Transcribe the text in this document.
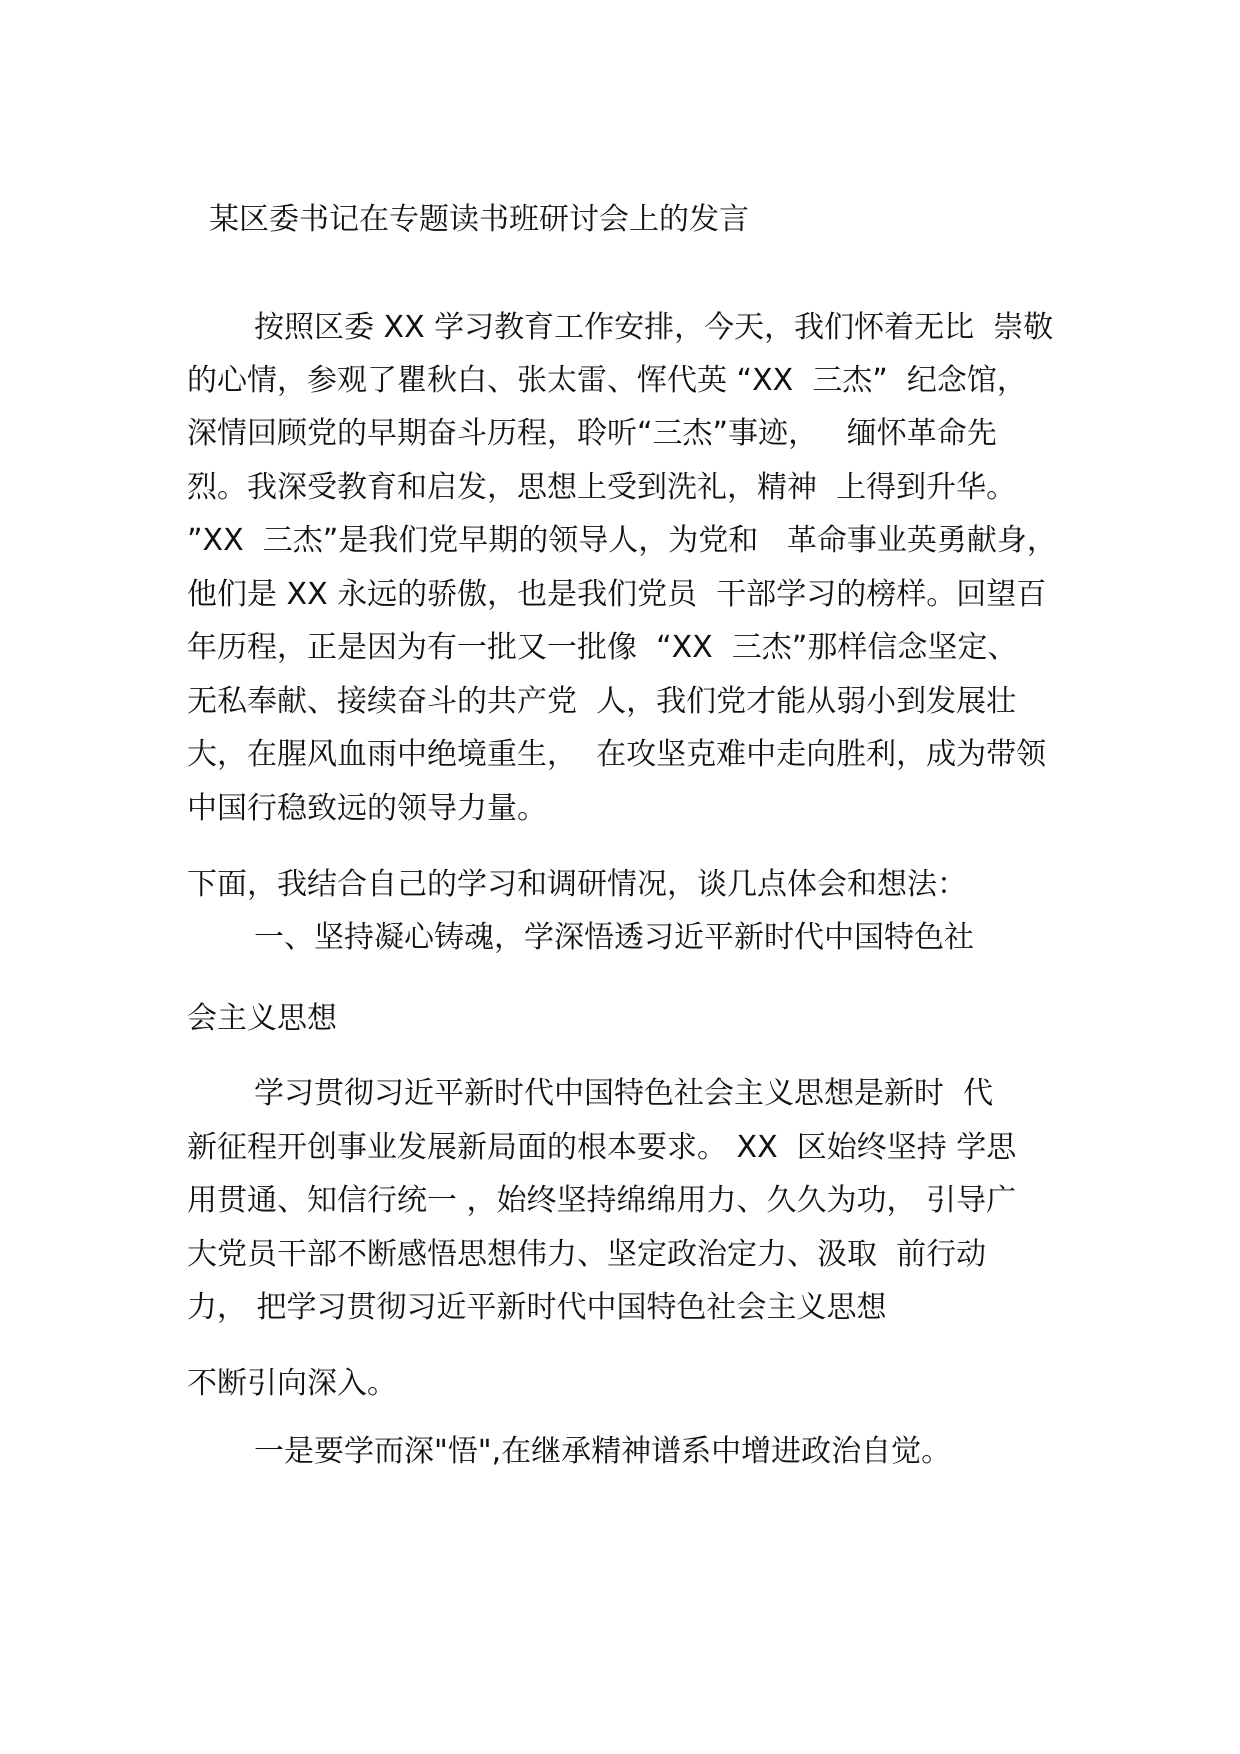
某区委书记在专题读书班研讨会上的发言
按照区委 XX 学习教育工作安排，今天，我们怀着无比  崇敬
的心情，参观了瞿秋白、张太雷、恽代英 “XX  三杰”  纪念馆，
深情回顾党的早期奋斗历程，聆听“三杰”事迹，   缅怀革命先
烈。我深受教育和启发，思想上受到洗礼，精神  上得到升华。
”XX  三杰”是我们党早期的领导人，为党和   革命事业英勇献身，
他们是 XX 永远的骄傲，也是我们党员  干部学习的榜样。回望百
年历程，正是因为有一批又一批像  “XX  三杰”那样信念坚定、
无私奉献、接续奋斗的共产党  人，我们党才能从弱小到发展壮
大，在腥风血雨中绝境重生，  在攻坚克难中走向胜利，成为带领
中国行稳致远的领导力量。
下面，我结合自己的学习和调研情况，谈几点体会和想法：
一、坚持凝心铸魂，学深悟透习近平新时代中国特色社
会主义思想
学习贯彻习近平新时代中国特色社会主义思想是新时  代
新征程开创事业发展新局面的根本要求。 XX  区始终坚持 学思
用贯通、知信行统一 ，始终坚持绵绵用力、久久为功， 引导广
大党员干部不断感悟思想伟力、坚定政治定力、汲取  前行动
力， 把学习贯彻习近平新时代中国特色社会主义思想
不断引向深入。
一是要学而深"悟",在继承精神谱系中增进政治自觉。
